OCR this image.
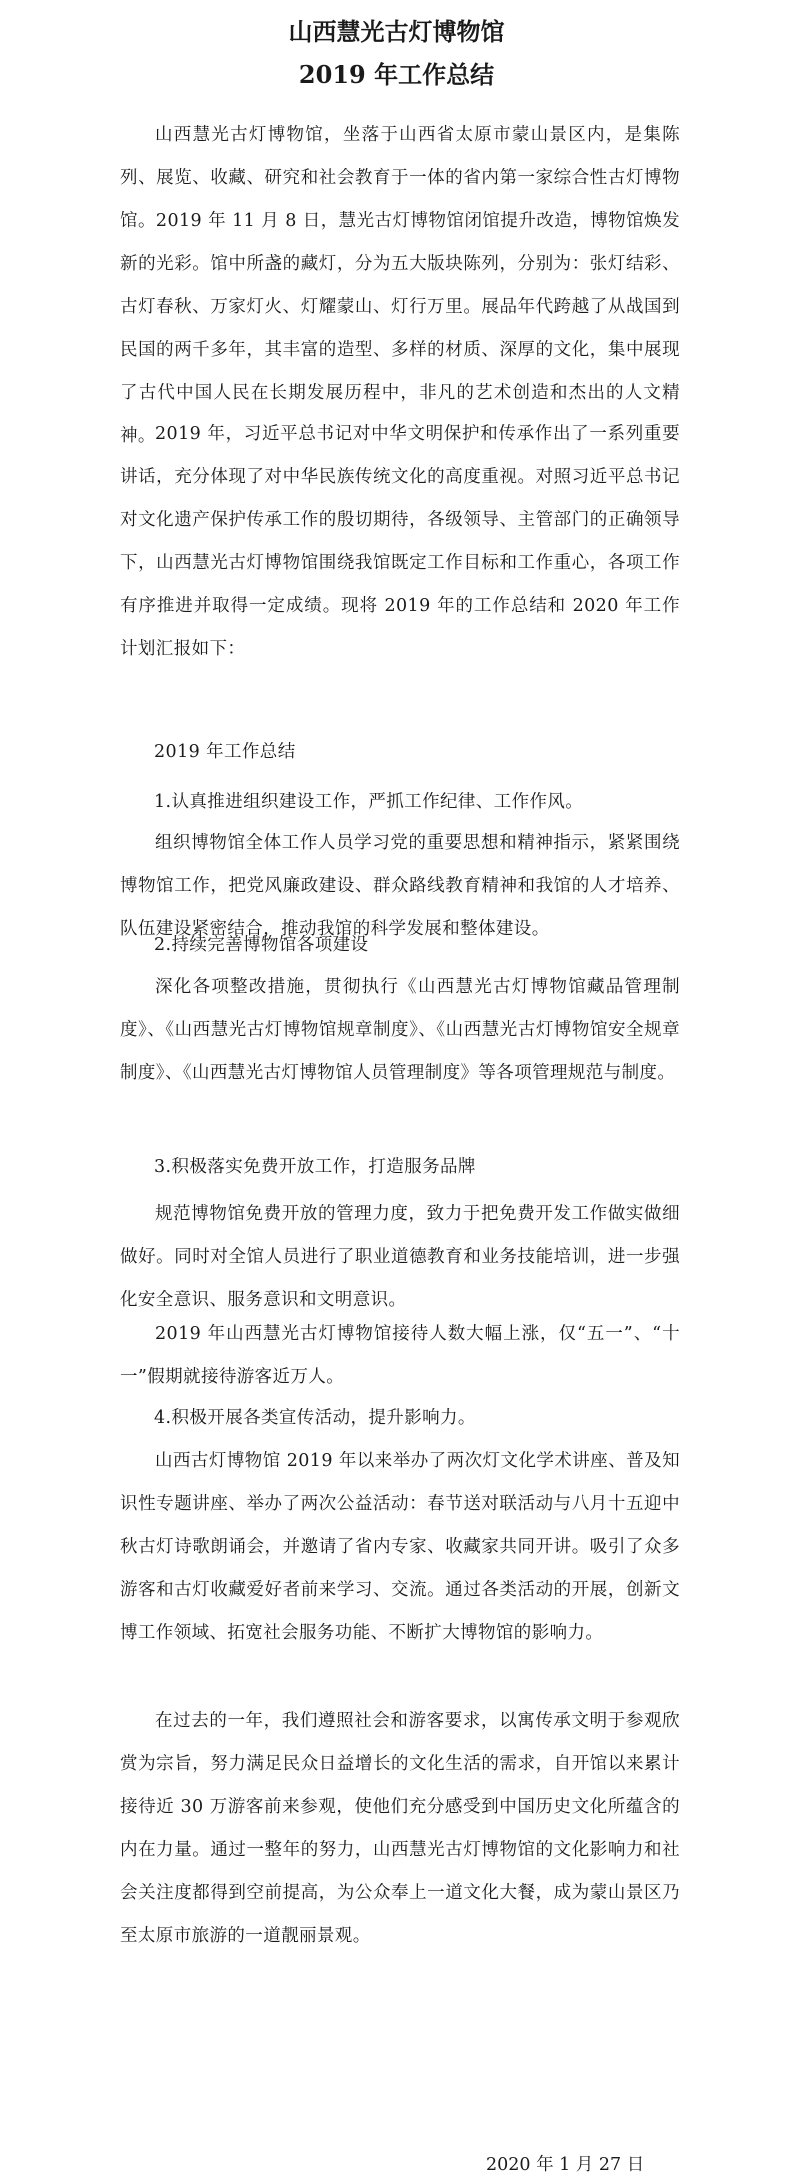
山西慧光古灯博物馆
2019 年工作总结

山西慧光古灯博物馆，坐落于山西省太原市蒙山景区内，是集陈列、展览、收藏、研究和社会教育于一体的省内第一家综合性古灯博物馆。2019 年 11 月 8 日，慧光古灯博物馆闭馆提升改造，博物馆焕发新的光彩。馆中所盏的藏灯，分为五大版块陈列，分别为：张灯结彩、古灯春秋、万家灯火、灯耀蒙山、灯行万里。展品年代跨越了从战国到民国的两千多年，其丰富的造型、多样的材质、深厚的文化，集中展现了古代中国人民在长期发展历程中，非凡的艺术创造和杰出的人文精神。 2019 年，习近平总书记对中华文明保护和传承作出了一系列重要讲话，充分体现了对中华民族传统文化的高度重视。对照习近平总书记对文化遗产保护传承工作的殷切期待，各级领导、主管部门的正确领导下，山西慧光古灯博物馆围绕我馆既定工作目标和工作重心，各项工作有序推进并取得一定成绩。现将 2019 年的工作总结和 2020 年工作计划汇报如下：

2019 年工作总结

1.认真推进组织建设工作，严抓工作纪律、工作作风。

组织博物馆全体工作人员学习党的重要思想和精神指示，紧紧围绕博物馆工作，把党风廉政建设、群众路线教育精神和我馆的人才培养、队伍建设紧密结合，推动我馆的科学发展和整体建设。

2.持续完善博物馆各项建设

深化各项整改措施，贯彻执行《山西慧光古灯博物馆藏品管理制度》、《山西慧光古灯博物馆规章制度》、《山西慧光古灯博物馆安全规章制度》、《山西慧光古灯博物馆人员管理制度》等各项管理规范与制度。

3.积极落实免费开放工作，打造服务品牌

规范博物馆免费开放的管理力度，致力于把免费开发工作做实做细做好。同时对全馆人员进行了职业道德教育和业务技能培训，进一步强化安全意识、服务意识和文明意识。

2019 年山西慧光古灯博物馆接待人数大幅上涨，仅“五一”、“十一”假期就接待游客近万人。

4.积极开展各类宣传活动，提升影响力。

山西古灯博物馆 2019 年以来举办了两次灯文化学术讲座、普及知识性专题讲座、举办了两次公益活动：春节送对联活动与八月十五迎中秋古灯诗歌朗诵会，并邀请了省内专家、收藏家共同开讲。吸引了众多游客和古灯收藏爱好者前来学习、交流。通过各类活动的开展，创新文博工作领域、拓宽社会服务功能、不断扩大博物馆的影响力。

在过去的一年，我们遵照社会和游客要求，以寓传承文明于参观欣赏为宗旨，努力满足民众日益增长的文化生活的需求，自开馆以来累计接待近 30 万游客前来参观，使他们充分感受到中国历史文化所蕴含的内在力量。通过一整年的努力，山西慧光古灯博物馆的文化影响力和社会关注度都得到空前提高，为公众奉上一道文化大餐，成为蒙山景区乃至太原市旅游的一道靓丽景观。

2020 年 1 月 27 日
